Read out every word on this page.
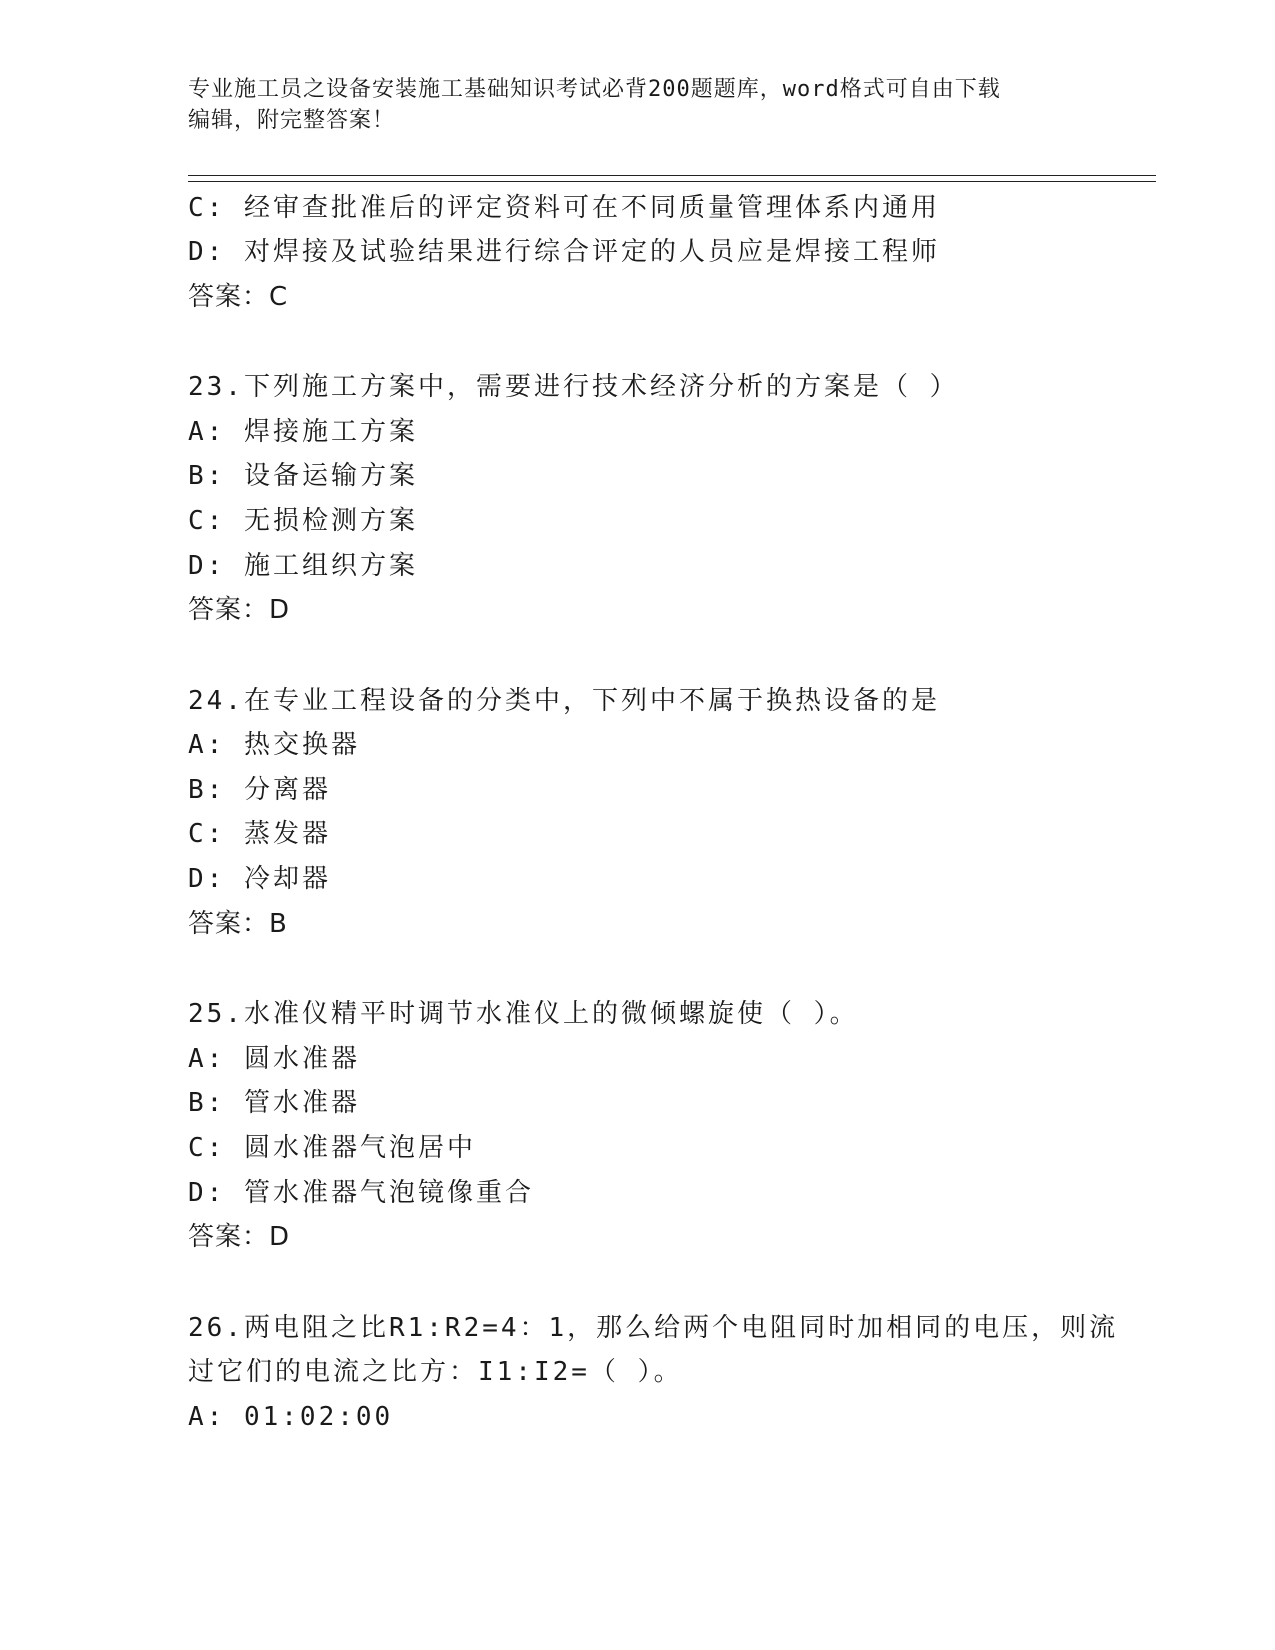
专业施工员之设备安装施工基础知识考试必背200题题库，word格式可自由下载
编辑，附完整答案！
C: 经审查批准后的评定资料可在不同质量管理体系内通用
D: 对焊接及试验结果进行综合评定的人员应是焊接工程师
答案：C
23.下列施工方案中，需要进行技术经济分析的方案是（ ）
A: 焊接施工方案
B: 设备运输方案
C: 无损检测方案
D: 施工组织方案
答案：D
24.在专业工程设备的分类中，下列中不属于换热设备的是
A: 热交换器
B: 分离器
C: 蒸发器
D: 冷却器
答案：B
25.水准仪精平时调节水准仪上的微倾螺旋使（ ）。
A: 圆水准器
B: 管水准器
C: 圆水准器气泡居中
D: 管水准器气泡镜像重合
答案：D
26.两电阻之比R1:R2=4：1，那么给两个电阻同时加相同的电压，则流
过它们的电流之比方：I1:I2=（ ）。
A: 01:02:00
